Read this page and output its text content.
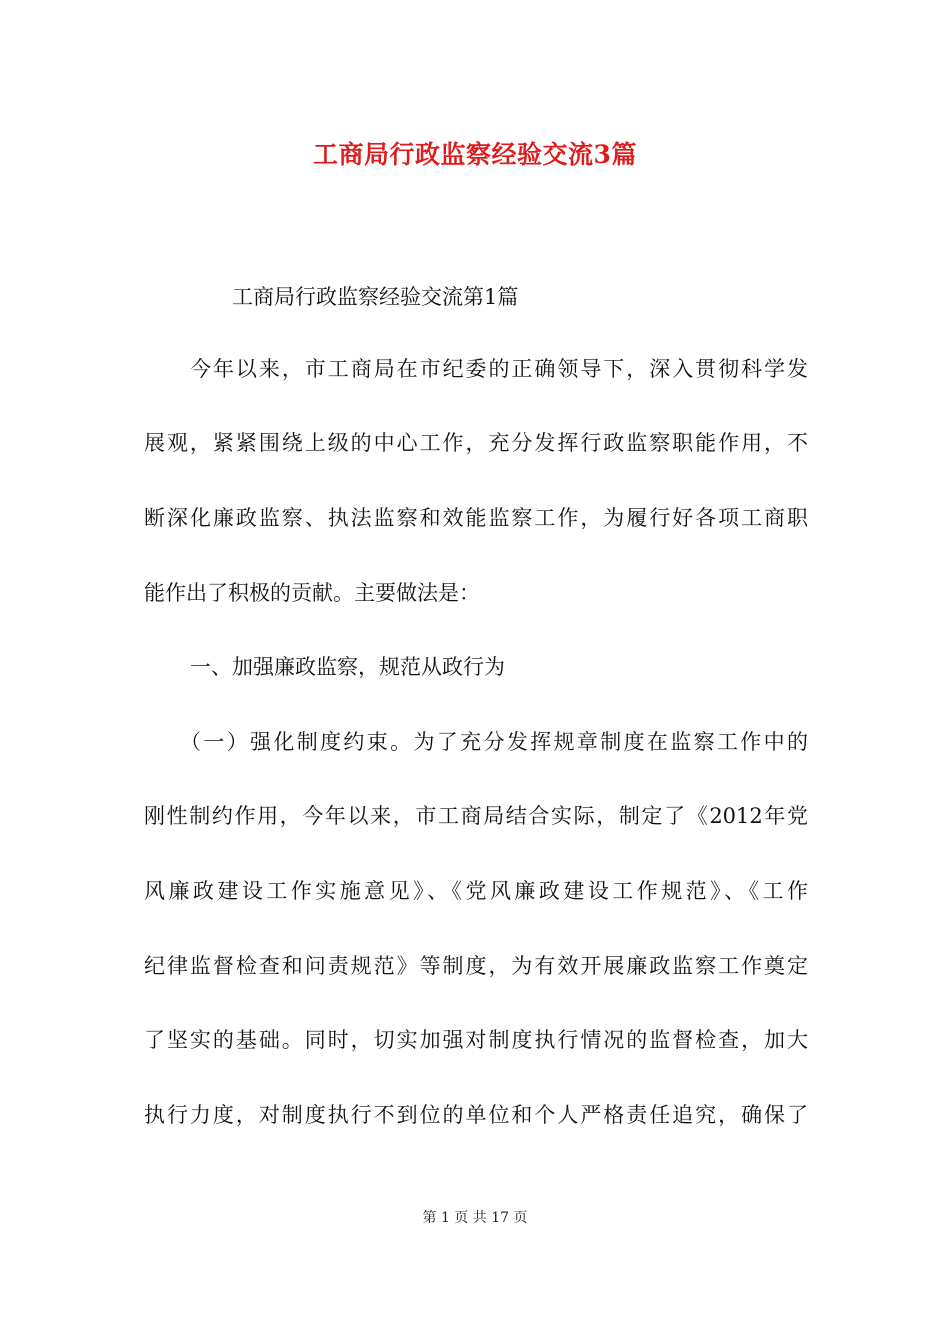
工商局行政监察经验交流3篇
工商局行政监察经验交流第1篇
今年以来，市工商局在市纪委的正确领导下，深入贯彻科学发
展观，紧紧围绕上级的中心工作，充分发挥行政监察职能作用，不
断深化廉政监察、执法监察和效能监察工作，为履行好各项工商职
能作出了积极的贡献。主要做法是：
一、加强廉政监察，规范从政行为
（一）强化制度约束。为了充分发挥规章制度在监察工作中的
刚性制约作用，今年以来，市工商局结合实际，制定了《2012年党
风廉政建设工作实施意见》、《党风廉政建设工作规范》、《工作
纪律监督检查和问责规范》等制度，为有效开展廉政监察工作奠定
了坚实的基础。同时，切实加强对制度执行情况的监督检查，加大
执行力度，对制度执行不到位的单位和个人严格责任追究，确保了
第 1 页 共 17 页
